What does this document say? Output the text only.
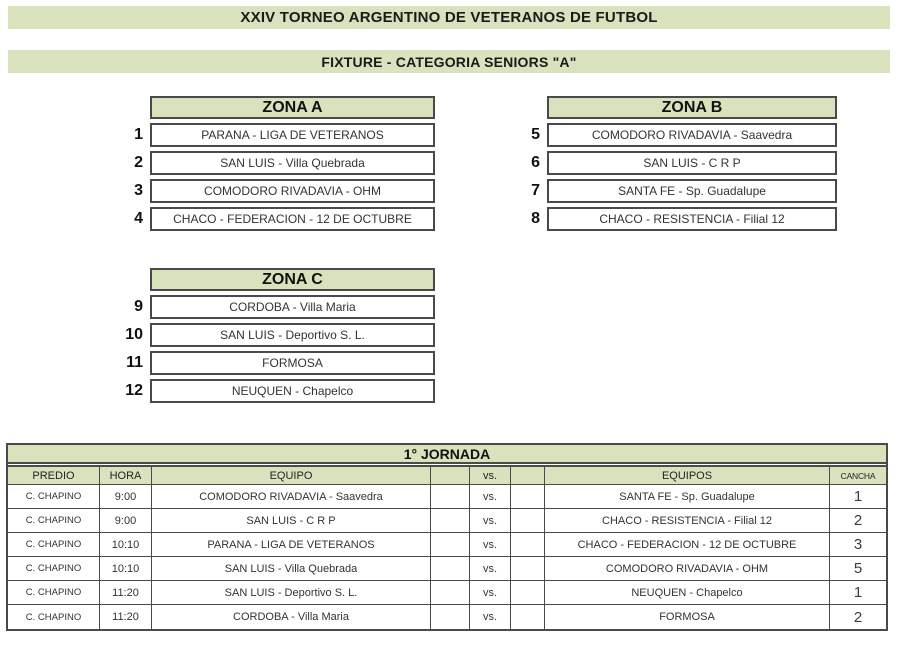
XXIV TORNEO ARGENTINO DE VETERANOS DE FUTBOL
FIXTURE - CATEGORIA SENIORS "A"
ZONA A
1	PARANA - LIGA DE VETERANOS
2	SAN LUIS - Villa Quebrada
3	COMODORO RIVADAVIA - OHM
4	CHACO - FEDERACION - 12 DE OCTUBRE
ZONA B
5	COMODORO RIVADAVIA - Saavedra
6	SAN LUIS - C R P
7	SANTA FE - Sp. Guadalupe
8	CHACO - RESISTENCIA - Filial 12
ZONA C
9	CORDOBA - Villa Maria
10	SAN LUIS - Deportivo S. L.
11	FORMOSA
12	NEUQUEN - Chapelco
1° JORNADA
PREDIO	HORA	EQUIPO	vs.	EQUIPOS	CANCHA
C. CHAPINO	9:00	COMODORO RIVADAVIA - Saavedra	vs.	SANTA FE - Sp. Guadalupe	1
C. CHAPINO	9:00	SAN LUIS - C R P	vs.	CHACO - RESISTENCIA - Filial 12	2
C. CHAPINO	10:10	PARANA - LIGA DE VETERANOS	vs.	CHACO - FEDERACION - 12 DE OCTUBRE	3
C. CHAPINO	10:10	SAN LUIS - Villa Quebrada	vs.	COMODORO RIVADAVIA - OHM	5
C. CHAPINO	11:20	SAN LUIS - Deportivo S. L.	vs.	NEUQUEN - Chapelco	1
C. CHAPINO	11:20	CORDOBA - Villa Maria	vs.	FORMOSA	2
